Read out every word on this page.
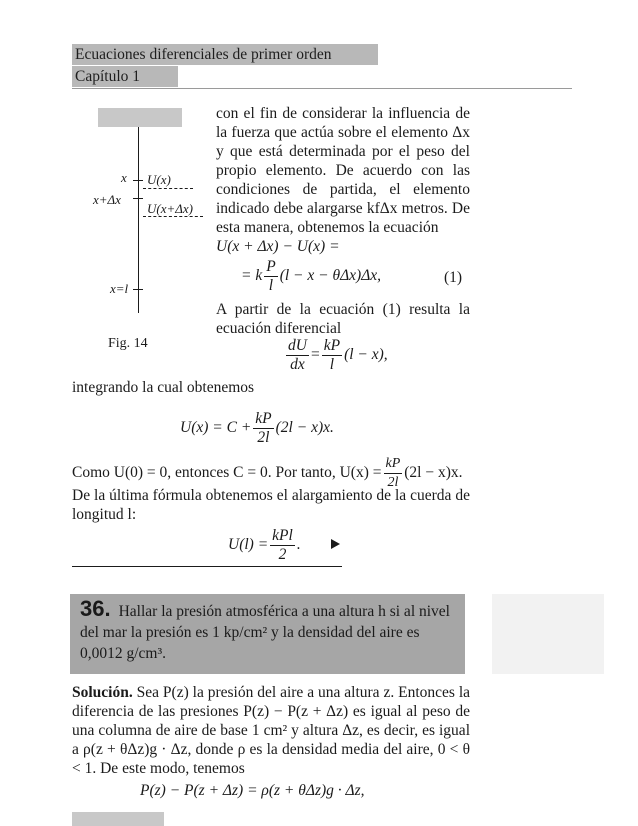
Ecuaciones diferenciales de primer orden
Capítulo 1
x
x+Δx
x=l
U(x)
U(x+Δx)
Fig. 14
con el fin de considerar la influencia de la fuerza que actúa sobre el elemento Δx y que está determinada por el peso del propio elemento. De acuerdo con las condiciones de partida, el elemento indicado debe alargarse kfΔx metros. De esta manera, obtenemos la ecuación
U(x + Δx) − U(x) =
= k $\frac{P}{l} (l - x - \theta\Delta x)\Delta x$,	(1)
A partir de la ecuación (1) resulta la ecuación diferencial
$\frac{dU}{dx} = \frac{kP}{l} (l - x)$,
integrando la cual obtenemos
$U(x) = C + \frac{kP}{2l} (2l - x)x$.
Como U(0) = 0, entonces C = 0. Por tanto, $U(x) = \frac{kP}{2l} (2l - x)x$.
De la última fórmula obtenemos el alargamiento de la cuerda de longitud l:
$U(l) = \frac{\text{kPl}}{2}$ .
36. Hallar la presión atmosférica a una altura h si al nivel del mar la presión es 1 kp/cm² y la densidad del aire es 0,0012 g/cm³.
Solución. Sea P(z) la presión del aire a una altura z. Entonces la diferencia de las presiones P(z) − P(z + Δz) es igual al peso de una columna de aire de base 1 cm² y altura Δz, es decir, es igual a ρ(z + θΔz)g · Δz, donde ρ es la densidad media del aire, 0 < θ < 1. De este modo, tenemos
P(z) − P(z + Δz) = ρ(z + θΔz)g · Δz,
